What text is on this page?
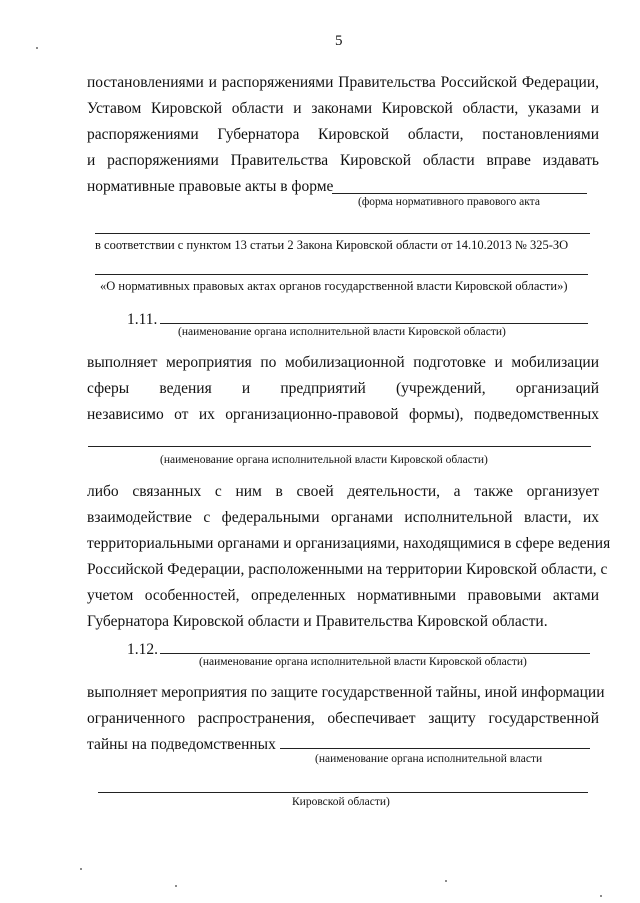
5
постановлениями и распоряжениями Правительства Российской Федерации,
Уставом Кировской области и законами Кировской области, указами и
распоряжениями Губернатора Кировской области, постановлениями
и распоряжениями Правительства Кировской области вправе издавать
нормативные правовые акты в форме
(форма нормативного правового акта
в соответствии с пунктом 13 статьи 2 Закона Кировской области от 14.10.2013 № 325-ЗО
«О нормативных правовых актах органов государственной власти Кировской области»)
1.11.
(наименование органа исполнительной власти Кировской области)
выполняет мероприятия по мобилизационной подготовке и мобилизации
сферы ведения и предприятий (учреждений, организаций
независимо от их организационно-правовой формы), подведомственных
(наименование органа исполнительной власти Кировской области)
либо связанных с ним в своей деятельности, а также организует
взаимодействие с федеральными органами исполнительной власти, их
территориальными органами и организациями, находящимися в сфере ведения
Российской Федерации, расположенными на территории Кировской области, с
учетом особенностей, определенных нормативными правовыми актами
Губернатора Кировской области и Правительства Кировской области.
1.12.
(наименование органа исполнительной власти Кировской области)
выполняет мероприятия по защите государственной тайны, иной информации
ограниченного распространения, обеспечивает защиту государственной
тайны на подведомственных
(наименование органа исполнительной власти
Кировской области)
